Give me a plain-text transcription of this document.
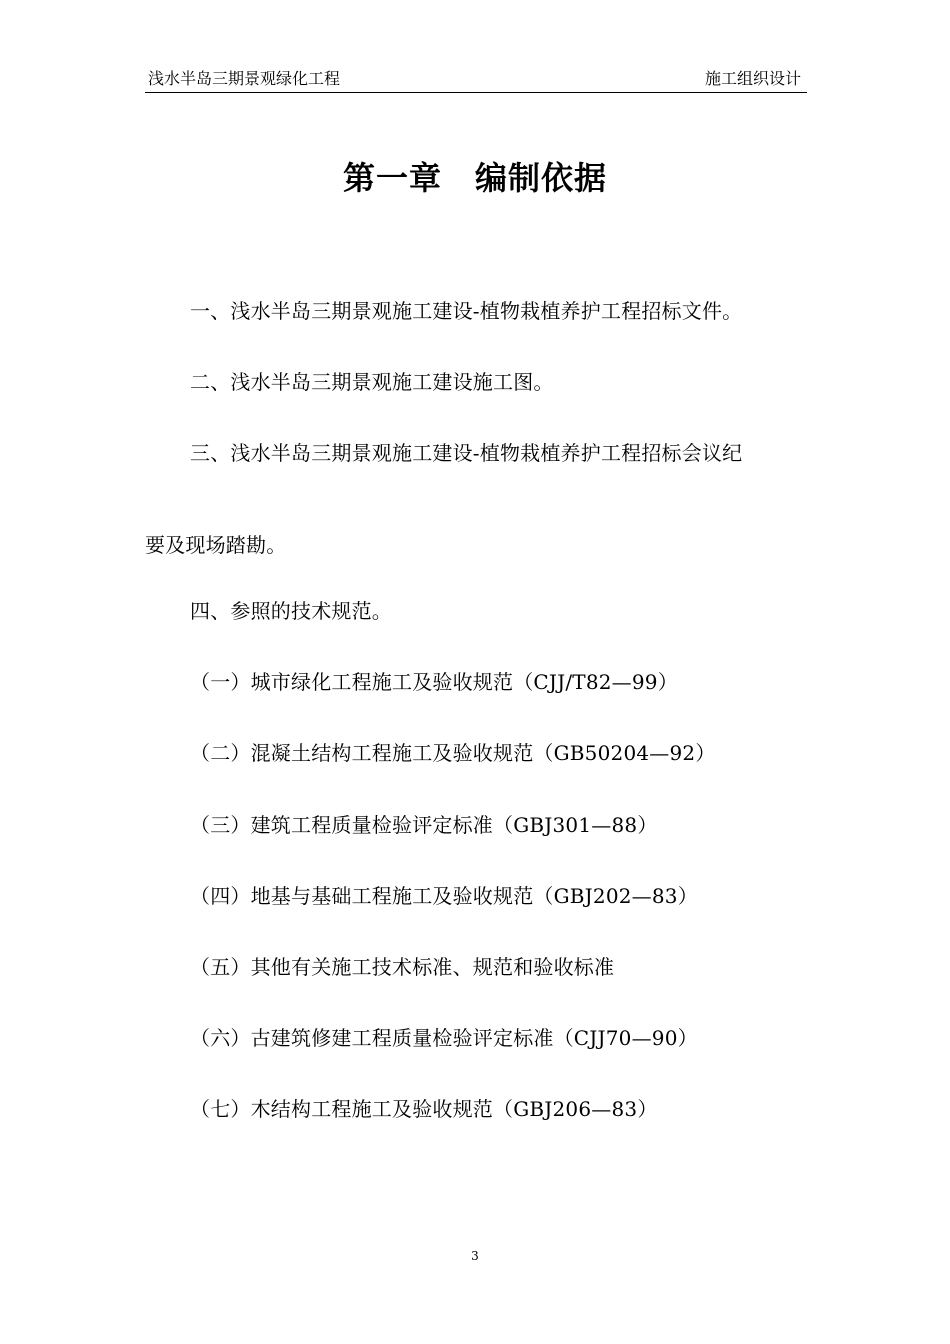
浅水半岛三期景观绿化工程	施工组织设计
第一章　编制依据
一、浅水半岛三期景观施工建设-植物栽植养护工程招标文件。
二、浅水半岛三期景观施工建设施工图。
三、浅水半岛三期景观施工建设-植物栽植养护工程招标会议纪
要及现场踏勘。
四、参照的技术规范。
（一）城市绿化工程施工及验收规范（CJJ/T82—99）
（二）混凝土结构工程施工及验收规范（GB50204—92）
（三）建筑工程质量检验评定标准（GBJ301—88）
（四）地基与基础工程施工及验收规范（GBJ202—83）
（五）其他有关施工技术标准、规范和验收标准
（六）古建筑修建工程质量检验评定标准（CJJ70—90）
（七）木结构工程施工及验收规范（GBJ206—83）
3
